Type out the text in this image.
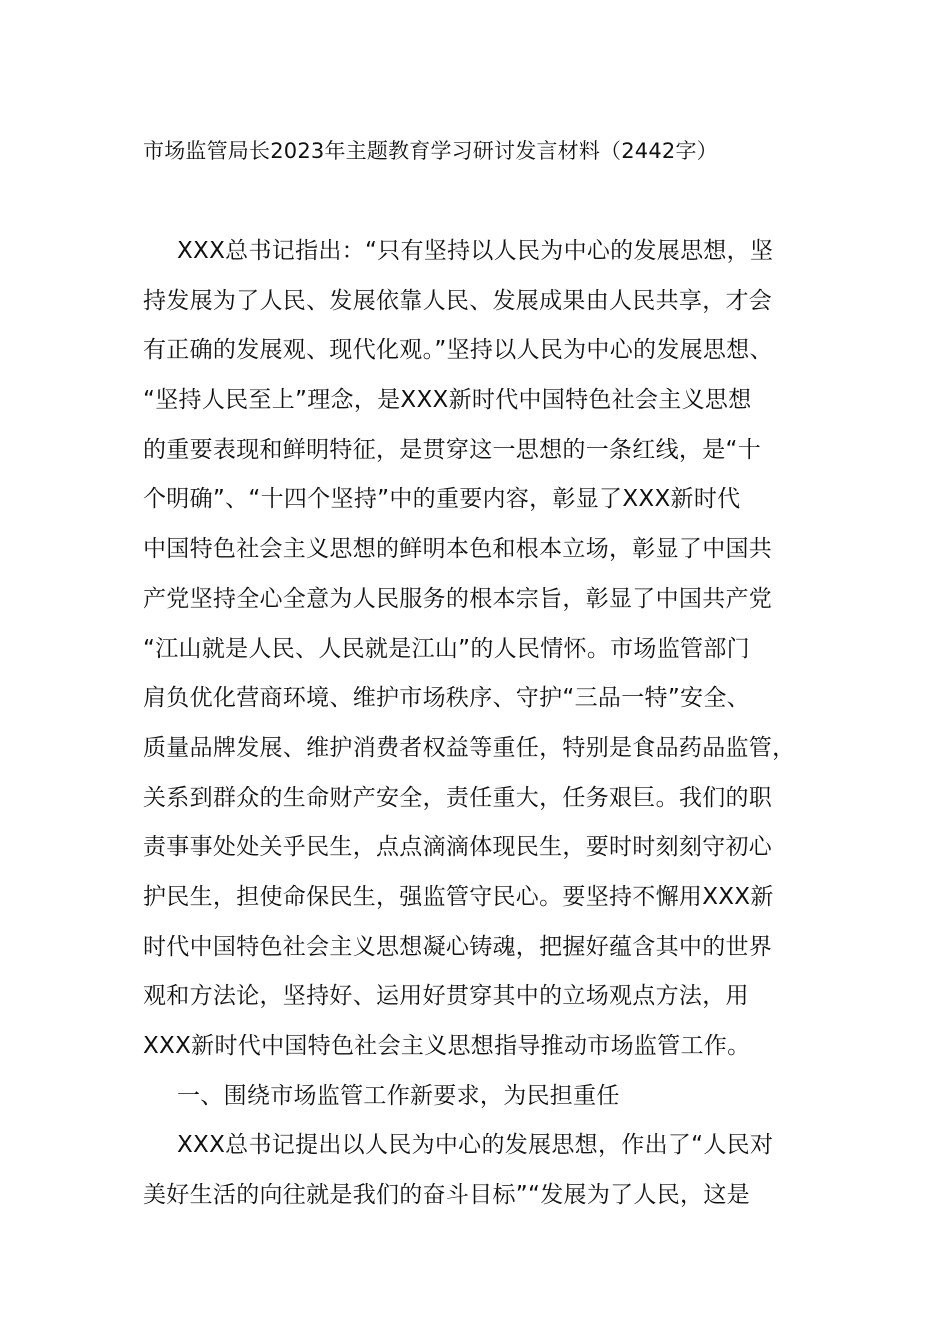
市场监管局长2023年主题教育学习研讨发言材料（2442字）
XXX总书记指出：“只有坚持以人民为中心的发展思想，坚
持发展为了人民、发展依靠人民、发展成果由人民共享，才会
有正确的发展观、现代化观。”坚持以人民为中心的发展思想、
“坚持人民至上”理念，是XXX新时代中国特色社会主义思想
的重要表现和鲜明特征，是贯穿这一思想的一条红线，是“十
个明确”、“十四个坚持”中的重要内容，彰显了XXX新时代
中国特色社会主义思想的鲜明本色和根本立场，彰显了中国共
产党坚持全心全意为人民服务的根本宗旨，彰显了中国共产党
“江山就是人民、人民就是江山”的人民情怀。市场监管部门
肩负优化营商环境、维护市场秩序、守护“三品一特”安全、
质量品牌发展、维护消费者权益等重任，特别是食品药品监管，
关系到群众的生命财产安全，责任重大，任务艰巨。我们的职
责事事处处关乎民生，点点滴滴体现民生，要时时刻刻守初心
护民生，担使命保民生，强监管守民心。要坚持不懈用XXX新
时代中国特色社会主义思想凝心铸魂，把握好蕴含其中的世界
观和方法论，坚持好、运用好贯穿其中的立场观点方法，用
XXX新时代中国特色社会主义思想指导推动市场监管工作。
一、围绕市场监管工作新要求，为民担重任
XXX总书记提出以人民为中心的发展思想，作出了“人民对
美好生活的向往就是我们的奋斗目标”“发展为了人民，这是
